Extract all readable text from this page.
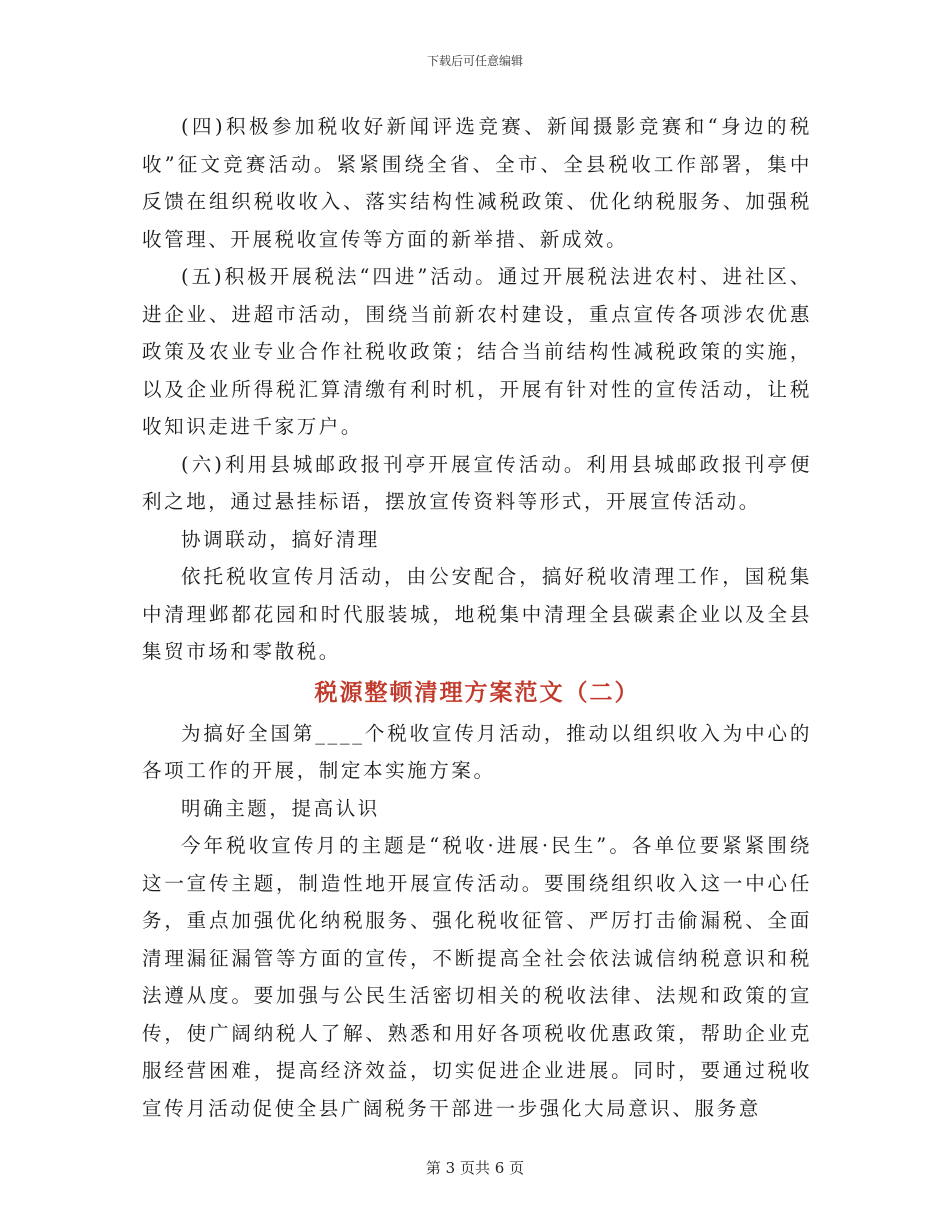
下载后可任意编辑

(四)积极参加税收好新闻评选竞赛、新闻摄影竞赛和“身边的税收”征文竞赛活动。紧紧围绕全省、全市、全县税收工作部署，集中反馈在组织税收收入、落实结构性减税政策、优化纳税服务、加强税收管理、开展税收宣传等方面的新举措、新成效。

(五)积极开展税法“四进”活动。通过开展税法进农村、进社区、进企业、进超市活动，围绕当前新农村建设，重点宣传各项涉农优惠政策及农业专业合作社税收政策；结合当前结构性减税政策的实施，以及企业所得税汇算清缴有利时机，开展有针对性的宣传活动，让税收知识走进千家万户。

(六)利用县城邮政报刊亭开展宣传活动。利用县城邮政报刊亭便利之地，通过悬挂标语，摆放宣传资料等形式，开展宣传活动。

协调联动，搞好清理

依托税收宣传月活动，由公安配合，搞好税收清理工作，国税集中清理邺都花园和时代服装城，地税集中清理全县碳素企业以及全县集贸市场和零散税。

税源整顿清理方案范文（二）

为搞好全国第____个税收宣传月活动，推动以组织收入为中心的各项工作的开展，制定本实施方案。

明确主题，提高认识

今年税收宣传月的主题是“税收·进展·民生”。各单位要紧紧围绕这一宣传主题，制造性地开展宣传活动。要围绕组织收入这一中心任务，重点加强优化纳税服务、强化税收征管、严厉打击偷漏税、全面清理漏征漏管等方面的宣传，不断提高全社会依法诚信纳税意识和税法遵从度。要加强与公民生活密切相关的税收法律、法规和政策的宣传，使广阔纳税人了解、熟悉和用好各项税收优惠政策，帮助企业克服经营困难，提高经济效益，切实促进企业进展。同时，要通过税收宣传月活动促使全县广阔税务干部进一步强化大局意识、服务意

第 3 页共 6 页
